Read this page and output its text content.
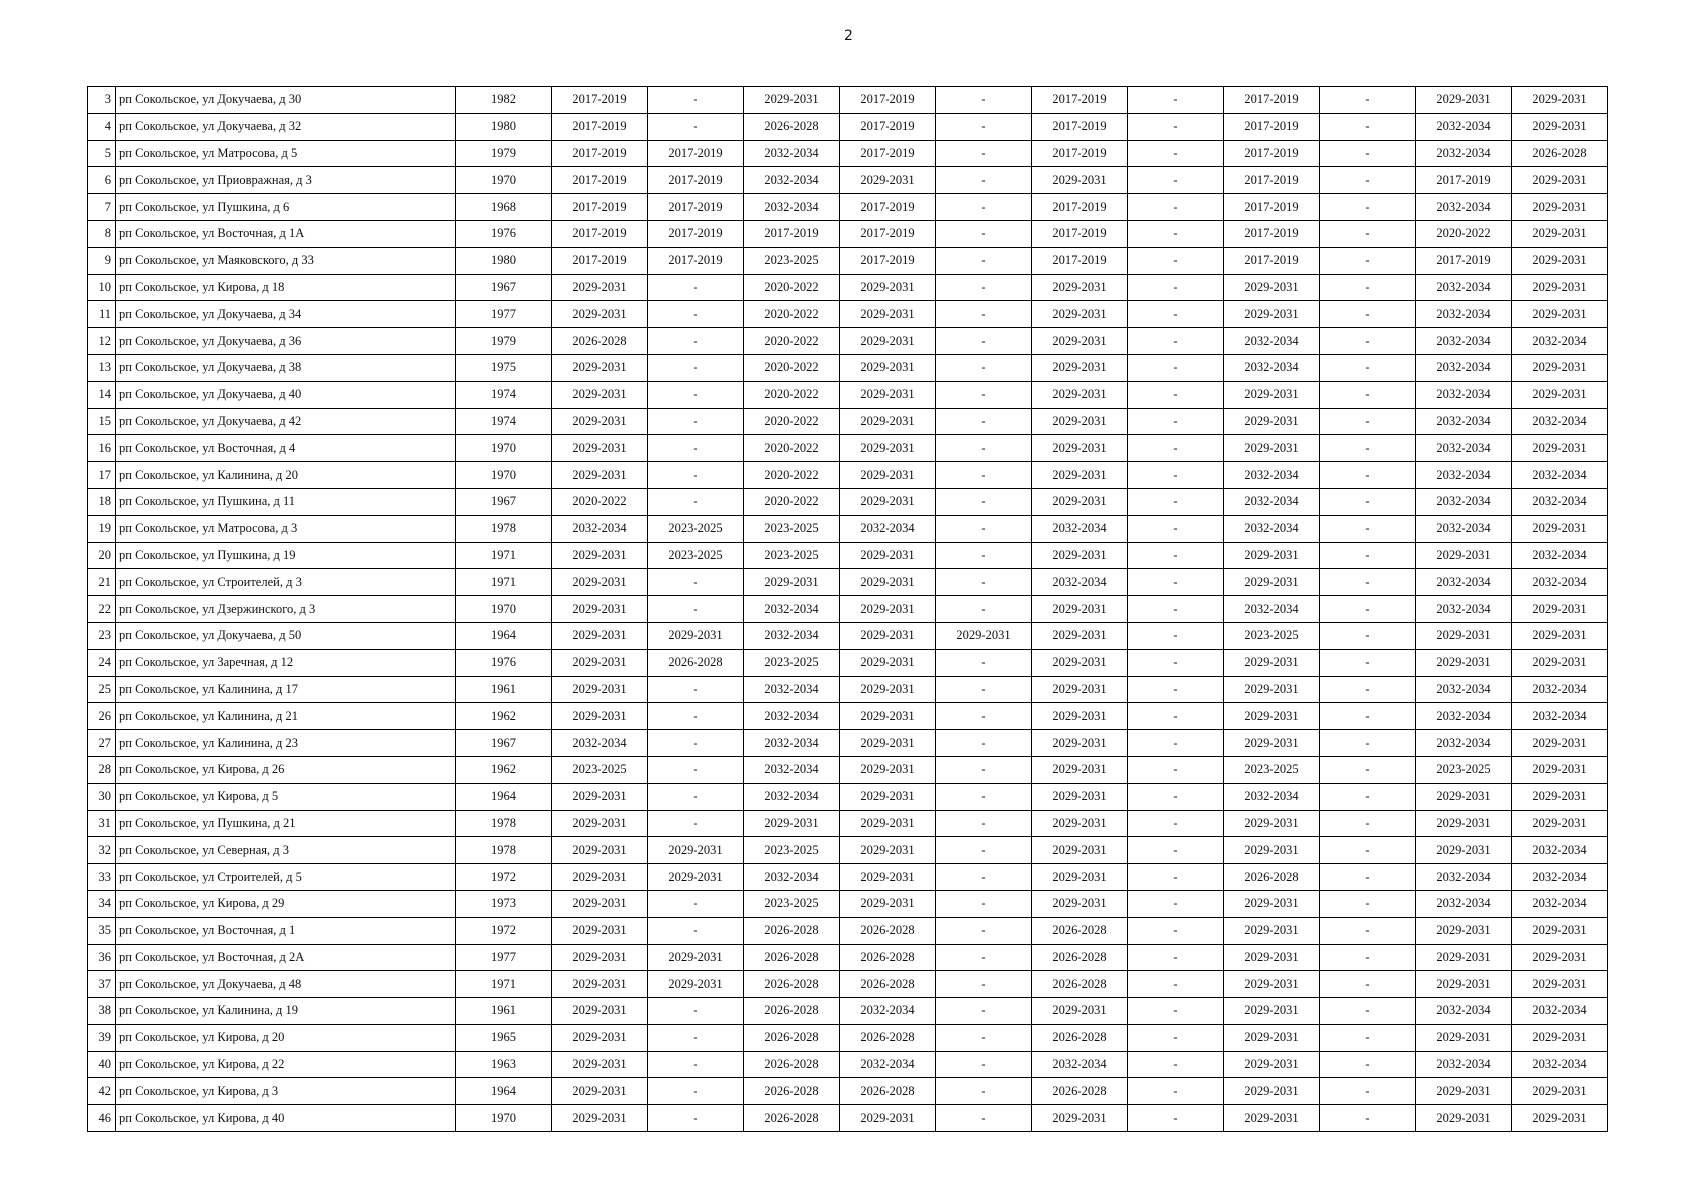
2
3	рп Сокольское, ул Докучаева, д 30	1982	2017-2019	-	2029-2031	2017-2019	-	2017-2019	-	2017-2019	-	2029-2031	2029-2031
4	рп Сокольское, ул Докучаева, д 32	1980	2017-2019	-	2026-2028	2017-2019	-	2017-2019	-	2017-2019	-	2032-2034	2029-2031
5	рп Сокольское, ул Матросова, д 5	1979	2017-2019	2017-2019	2032-2034	2017-2019	-	2017-2019	-	2017-2019	-	2032-2034	2026-2028
6	рп Сокольское, ул Приовражная, д 3	1970	2017-2019	2017-2019	2032-2034	2029-2031	-	2029-2031	-	2017-2019	-	2017-2019	2029-2031
7	рп Сокольское, ул Пушкина, д 6	1968	2017-2019	2017-2019	2032-2034	2017-2019	-	2017-2019	-	2017-2019	-	2032-2034	2029-2031
8	рп Сокольское, ул Восточная, д 1А	1976	2017-2019	2017-2019	2017-2019	2017-2019	-	2017-2019	-	2017-2019	-	2020-2022	2029-2031
9	рп Сокольское, ул Маяковского, д 33	1980	2017-2019	2017-2019	2023-2025	2017-2019	-	2017-2019	-	2017-2019	-	2017-2019	2029-2031
10	рп Сокольское, ул Кирова, д 18	1967	2029-2031	-	2020-2022	2029-2031	-	2029-2031	-	2029-2031	-	2032-2034	2029-2031
11	рп Сокольское, ул Докучаева, д 34	1977	2029-2031	-	2020-2022	2029-2031	-	2029-2031	-	2029-2031	-	2032-2034	2029-2031
12	рп Сокольское, ул Докучаева, д 36	1979	2026-2028	-	2020-2022	2029-2031	-	2029-2031	-	2032-2034	-	2032-2034	2032-2034
13	рп Сокольское, ул Докучаева, д 38	1975	2029-2031	-	2020-2022	2029-2031	-	2029-2031	-	2032-2034	-	2032-2034	2029-2031
14	рп Сокольское, ул Докучаева, д 40	1974	2029-2031	-	2020-2022	2029-2031	-	2029-2031	-	2029-2031	-	2032-2034	2029-2031
15	рп Сокольское, ул Докучаева, д 42	1974	2029-2031	-	2020-2022	2029-2031	-	2029-2031	-	2029-2031	-	2032-2034	2032-2034
16	рп Сокольское, ул Восточная, д 4	1970	2029-2031	-	2020-2022	2029-2031	-	2029-2031	-	2029-2031	-	2032-2034	2029-2031
17	рп Сокольское, ул Калинина, д 20	1970	2029-2031	-	2020-2022	2029-2031	-	2029-2031	-	2032-2034	-	2032-2034	2032-2034
18	рп Сокольское, ул Пушкина, д 11	1967	2020-2022	-	2020-2022	2029-2031	-	2029-2031	-	2032-2034	-	2032-2034	2032-2034
19	рп Сокольское, ул Матросова, д 3	1978	2032-2034	2023-2025	2023-2025	2032-2034	-	2032-2034	-	2032-2034	-	2032-2034	2029-2031
20	рп Сокольское, ул Пушкина, д 19	1971	2029-2031	2023-2025	2023-2025	2029-2031	-	2029-2031	-	2029-2031	-	2029-2031	2032-2034
21	рп Сокольское, ул Строителей, д 3	1971	2029-2031	-	2029-2031	2029-2031	-	2032-2034	-	2029-2031	-	2032-2034	2032-2034
22	рп Сокольское, ул Дзержинского, д 3	1970	2029-2031	-	2032-2034	2029-2031	-	2029-2031	-	2032-2034	-	2032-2034	2029-2031
23	рп Сокольское, ул Докучаева, д 50	1964	2029-2031	2029-2031	2032-2034	2029-2031	2029-2031	2029-2031	-	2023-2025	-	2029-2031	2029-2031
24	рп Сокольское, ул Заречная, д 12	1976	2029-2031	2026-2028	2023-2025	2029-2031	-	2029-2031	-	2029-2031	-	2029-2031	2029-2031
25	рп Сокольское, ул Калинина, д 17	1961	2029-2031	-	2032-2034	2029-2031	-	2029-2031	-	2029-2031	-	2032-2034	2032-2034
26	рп Сокольское, ул Калинина, д 21	1962	2029-2031	-	2032-2034	2029-2031	-	2029-2031	-	2029-2031	-	2032-2034	2032-2034
27	рп Сокольское, ул Калинина, д 23	1967	2032-2034	-	2032-2034	2029-2031	-	2029-2031	-	2029-2031	-	2032-2034	2029-2031
28	рп Сокольское, ул Кирова, д 26	1962	2023-2025	-	2032-2034	2029-2031	-	2029-2031	-	2023-2025	-	2023-2025	2029-2031
30	рп Сокольское, ул Кирова, д 5	1964	2029-2031	-	2032-2034	2029-2031	-	2029-2031	-	2032-2034	-	2029-2031	2029-2031
31	рп Сокольское, ул Пушкина, д 21	1978	2029-2031	-	2029-2031	2029-2031	-	2029-2031	-	2029-2031	-	2029-2031	2029-2031
32	рп Сокольское, ул Северная, д 3	1978	2029-2031	2029-2031	2023-2025	2029-2031	-	2029-2031	-	2029-2031	-	2029-2031	2032-2034
33	рп Сокольское, ул Строителей, д 5	1972	2029-2031	2029-2031	2032-2034	2029-2031	-	2029-2031	-	2026-2028	-	2032-2034	2032-2034
34	рп Сокольское, ул Кирова, д 29	1973	2029-2031	-	2023-2025	2029-2031	-	2029-2031	-	2029-2031	-	2032-2034	2032-2034
35	рп Сокольское, ул Восточная, д 1	1972	2029-2031	-	2026-2028	2026-2028	-	2026-2028	-	2029-2031	-	2029-2031	2029-2031
36	рп Сокольское, ул Восточная, д 2А	1977	2029-2031	2029-2031	2026-2028	2026-2028	-	2026-2028	-	2029-2031	-	2029-2031	2029-2031
37	рп Сокольское, ул Докучаева, д 48	1971	2029-2031	2029-2031	2026-2028	2026-2028	-	2026-2028	-	2029-2031	-	2029-2031	2029-2031
38	рп Сокольское, ул Калинина, д 19	1961	2029-2031	-	2026-2028	2032-2034	-	2029-2031	-	2029-2031	-	2032-2034	2032-2034
39	рп Сокольское, ул Кирова, д 20	1965	2029-2031	-	2026-2028	2026-2028	-	2026-2028	-	2029-2031	-	2029-2031	2029-2031
40	рп Сокольское, ул Кирова, д 22	1963	2029-2031	-	2026-2028	2032-2034	-	2032-2034	-	2029-2031	-	2032-2034	2032-2034
42	рп Сокольское, ул Кирова, д 3	1964	2029-2031	-	2026-2028	2026-2028	-	2026-2028	-	2029-2031	-	2029-2031	2029-2031
46	рп Сокольское, ул Кирова, д 40	1970	2029-2031	-	2026-2028	2029-2031	-	2029-2031	-	2029-2031	-	2029-2031	2029-2031
